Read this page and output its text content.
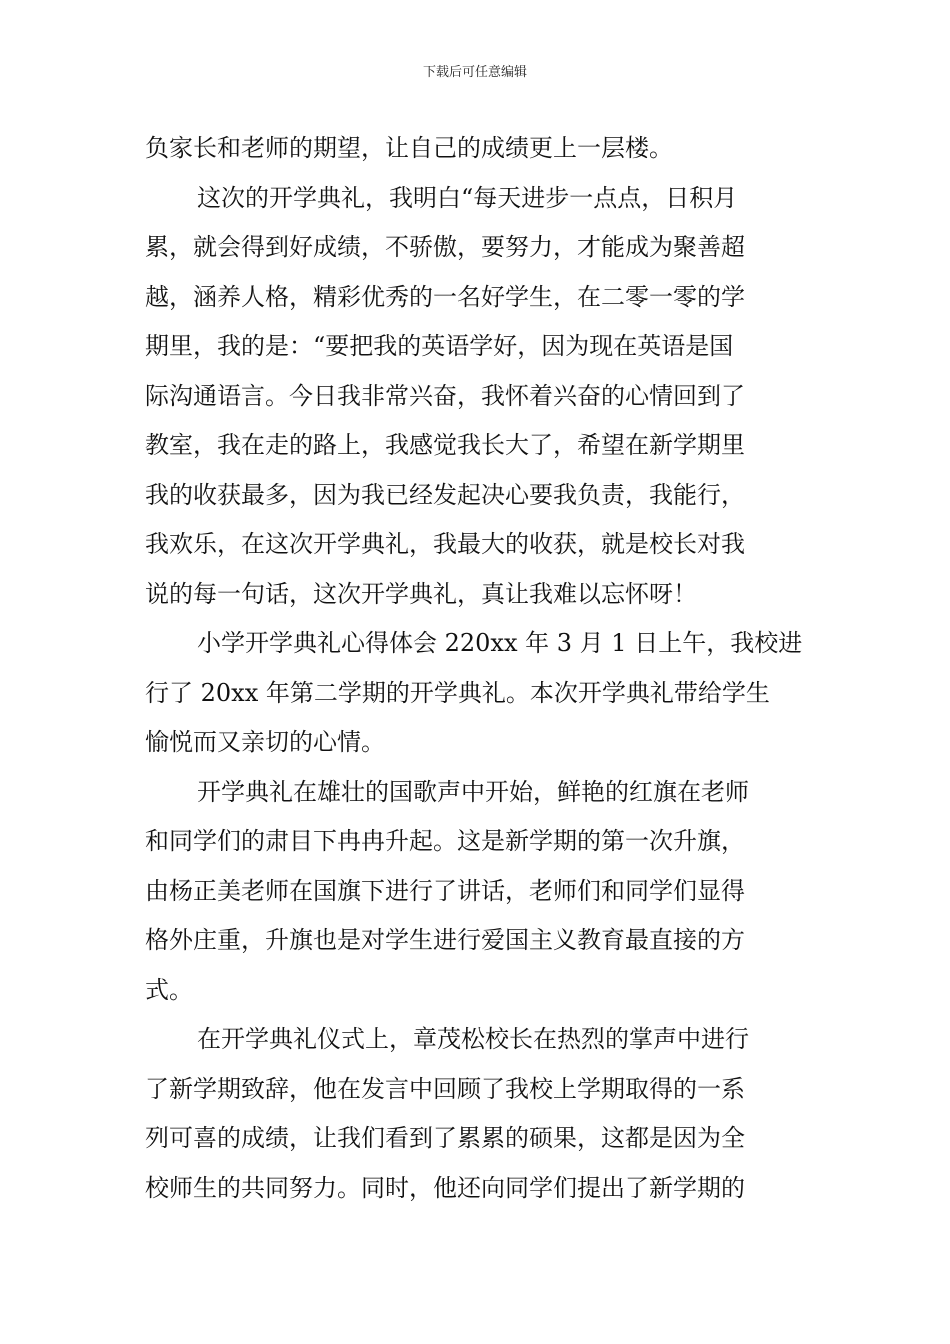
下载后可任意编辑
负家长和老师的期望，让自己的成绩更上一层楼。
这次的开学典礼，我明白“每天进步一点点，日积月
累，就会得到好成绩，不骄傲，要努力，才能成为聚善超
越，涵养人格，精彩优秀的一名好学生，在二零一零的学
期里，我的是：“要把我的英语学好，因为现在英语是国
际沟通语言。今日我非常兴奋，我怀着兴奋的心情回到了
教室，我在走的路上，我感觉我长大了，希望在新学期里
我的收获最多，因为我已经发起决心要我负责，我能行，
我欢乐，在这次开学典礼，我最大的收获，就是校长对我
说的每一句话，这次开学典礼，真让我难以忘怀呀！
小学开学典礼心得体会 220xx 年 3 月 1 日上午，我校进
行了 20xx 年第二学期的开学典礼。本次开学典礼带给学生
愉悦而又亲切的心情。
开学典礼在雄壮的国歌声中开始，鲜艳的红旗在老师
和同学们的肃目下冉冉升起。这是新学期的第一次升旗，
由杨正美老师在国旗下进行了讲话，老师们和同学们显得
格外庄重，升旗也是对学生进行爱国主义教育最直接的方
式。
在开学典礼仪式上，章茂松校长在热烈的掌声中进行
了新学期致辞，他在发言中回顾了我校上学期取得的一系
列可喜的成绩，让我们看到了累累的硕果，这都是因为全
校师生的共同努力。同时，他还向同学们提出了新学期的
